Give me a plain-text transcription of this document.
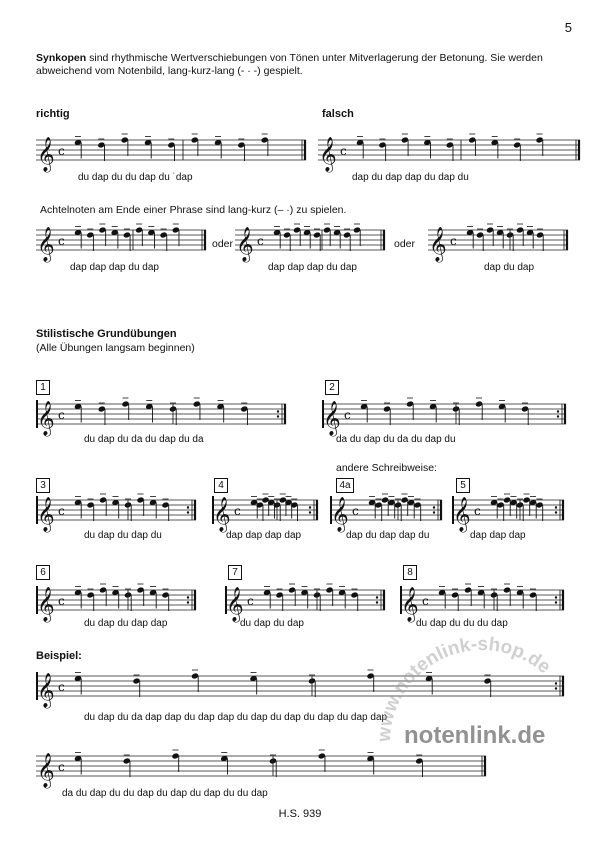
5
Synkopen sind rhythmische Wertverschiebungen von Tönen unter Mitverlagerung der Betonung. Sie werden abweichend vom Notenbild, lang-kurz-lang (- · -) gespielt.
richtig	falsch
Achtelnoten am Ende einer Phrase sind lang-kurz (– ·) zu spielen.
oder	oder
Stilistische Grundübungen
(Alle Übungen langsam beginnen)
andere Schreibweise:
Beispiel:
1	2
3	4	4a	5
6	7	8
𝄞 c	𝄞 c
𝄞 c	𝄞 c	𝄞 c
𝄞 c	𝄞 c
𝄞 c	𝄞 c	𝄞 c	𝄞 c
𝄞 c	𝄞 c	𝄞 c
𝄞 c
𝄞 c
du dap du du dap du ˙dap	dap du dap dap du dap du
dap dap dap du dap	dap dap dap du dap	dap du dap
du dap du da du dap du da	da du dap du da du dap du
du dap du dap du	dap dap dap dap	dap du dap dap du	dap dap dap
du dap du dap dap	du dap du dap	du dap du du du dap
du dap du da dap dap du dap dap du dap du dap du dap du dap dap
da du dap du du dap du dap du dap du du dap
H.S. 939
notenlink.de
www.notenlink-shop.de
